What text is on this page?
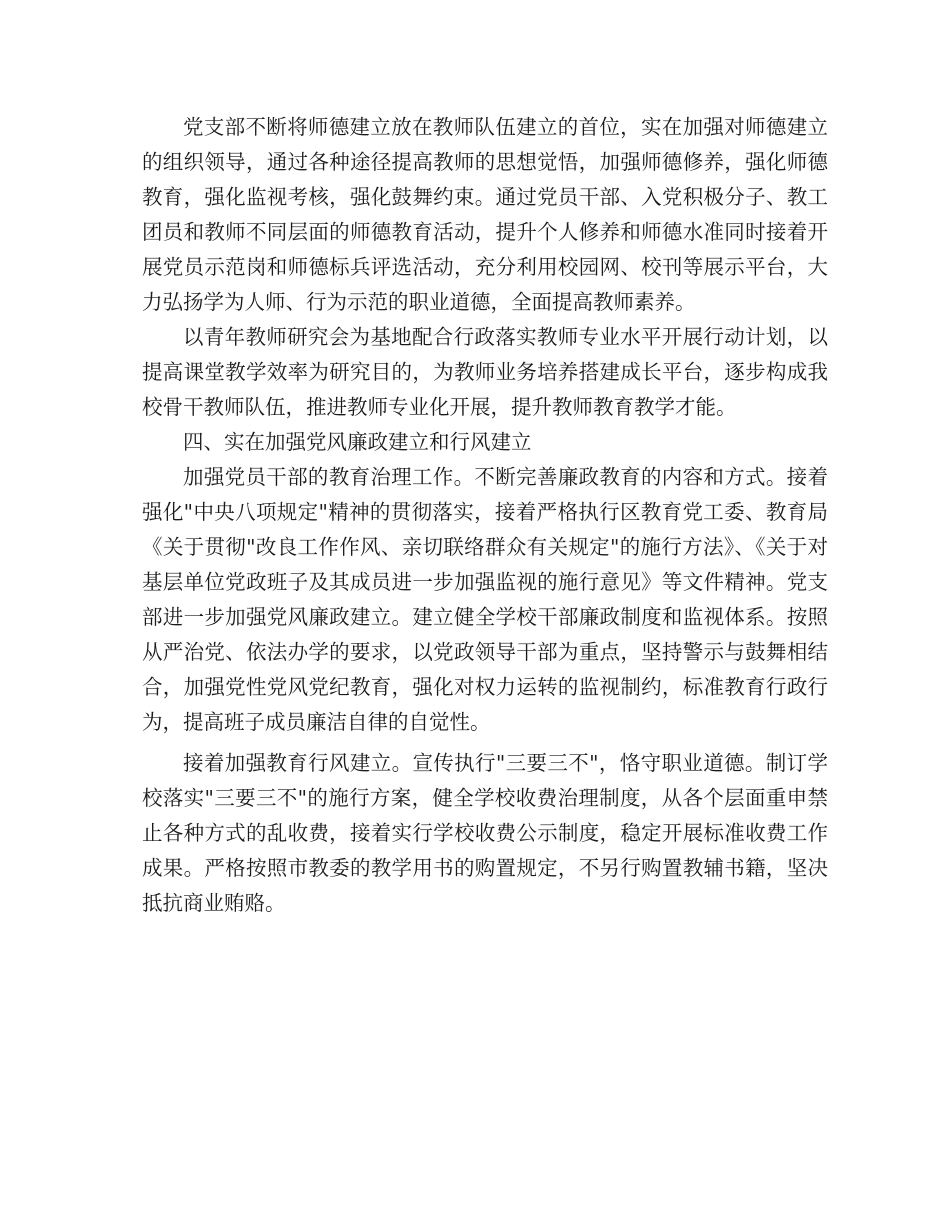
党支部不断将师德建立放在教师队伍建立的首位，实在加强对师德建立的组织领导，通过各种途径提高教师的思想觉悟，加强师德修养，强化师德教育，强化监视考核，强化鼓舞约束。通过党员干部、入党积极分子、教工团员和教师不同层面的师德教育活动，提升个人修养和师德水准同时接着开展党员示范岗和师德标兵评选活动，充分利用校园网、校刊等展示平台，大力弘扬学为人师、行为示范的职业道德，全面提高教师素养。

以青年教师研究会为基地配合行政落实教师专业水平开展行动计划，以提高课堂教学效率为研究目的，为教师业务培养搭建成长平台，逐步构成我校骨干教师队伍，推进教师专业化开展，提升教师教育教学才能。

四、实在加强党风廉政建立和行风建立

加强党员干部的教育治理工作。不断完善廉政教育的内容和方式。接着强化"中央八项规定"精神的贯彻落实，接着严格执行区教育党工委、教育局《关于贯彻"改良工作作风、亲切联络群众有关规定"的施行方法》、《关于对基层单位党政班子及其成员进一步加强监视的施行意见》等文件精神。党支部进一步加强党风廉政建立。建立健全学校干部廉政制度和监视体系。按照从严治党、依法办学的要求，以党政领导干部为重点，坚持警示与鼓舞相结合，加强党性党风党纪教育，强化对权力运转的监视制约，标准教育行政行为，提高班子成员廉洁自律的自觉性。

接着加强教育行风建立。宣传执行"三要三不"，恪守职业道德。制订学校落实"三要三不"的施行方案，健全学校收费治理制度，从各个层面重申禁止各种方式的乱收费，接着实行学校收费公示制度，稳定开展标准收费工作成果。严格按照市教委的教学用书的购置规定，不另行购置教辅书籍，坚决抵抗商业贿赂。
